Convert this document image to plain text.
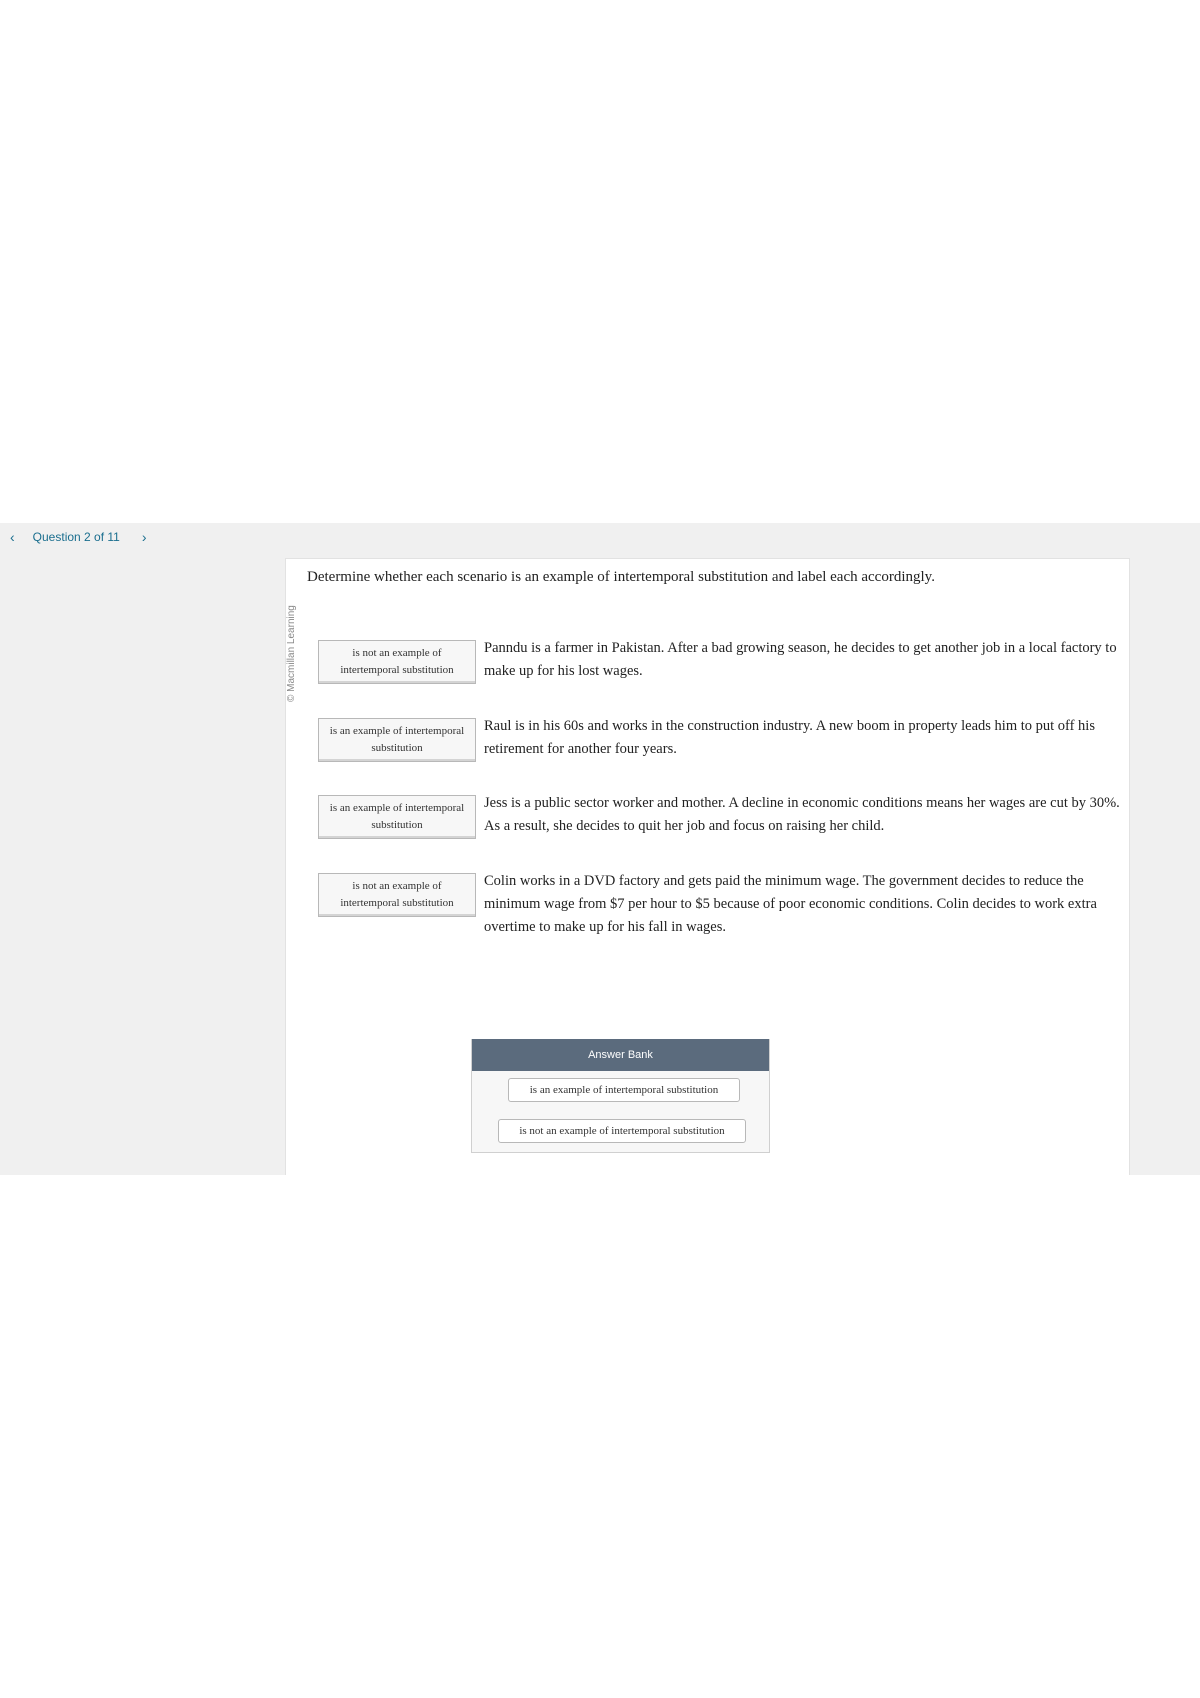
‹	Question 2 of 11 ›
© Macmillan Learning
Determine whether each scenario is an example of intertemporal substitution and label each accordingly.
is not an example of intertemporal substitution
Panndu is a farmer in Pakistan. After a bad growing season, he decides to get another job in a local factory to make up for his lost wages.
is an example of intertemporal substitution
Raul is in his 60s and works in the construction industry. A new boom in property leads him to put off his retirement for another four years.
is an example of intertemporal substitution
Jess is a public sector worker and mother. A decline in economic conditions means her wages are cut by 30%. As a result, she decides to quit her job and focus on raising her child.
is not an example of intertemporal substitution
Colin works in a DVD factory and gets paid the minimum wage. The government decides to reduce the minimum wage from $7 per hour to $5 because of poor economic conditions. Colin decides to work extra overtime to make up for his fall in wages.
Answer Bank
is an example of intertemporal substitution
is not an example of intertemporal substitution
